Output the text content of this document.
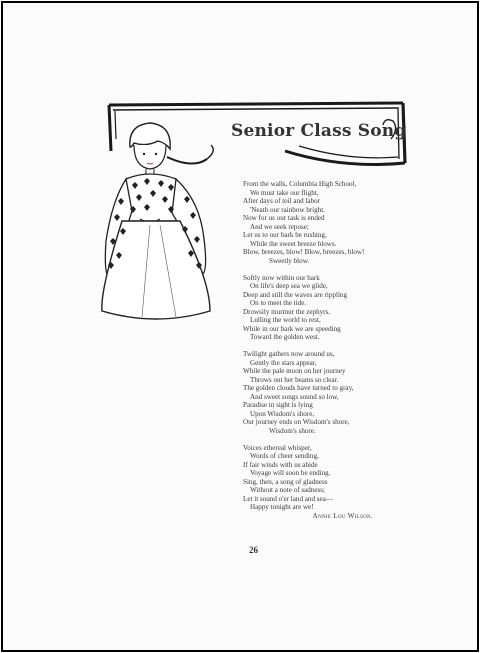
Senior Class Song
From the walls, Columbia High School,
We must take our flight,
After days of toil and labor
'Neath our rainbow bright.
Now for us our task is ended
And we seek repose;
Let us to our bark be rushing,
While the sweet breeze blows.
Blow, breezes, blow! Blow, breezes, blow!
Sweetly blow.
Softly now within our bark
On life's deep sea we glide,
Deep and still the waves are rippling
On to meet the tide.
Drowsily murmur the zephyrs,
Lulling the world to rest,
While in our bark we are speeding
Toward the golden west.
Twilight gathers now around us,
Gently the stars appear,
While the pale moon on her journey
Throws out her beams so clear.
The golden clouds have turned to gray,
And sweet songs sound so low,
Paradise in sight is lying
Upon Wisdom's shore,
Our journey ends on Wisdom's shore,
Wisdom's shore.
Voices ethereal whisper,
Words of cheer sending,
If fair winds with us abide
Voyage will soon be ending.
Sing, then, a song of gladness
Without a note of sadness;
Let it sound o'er land and sea—
Happy tonight are we!
Annie Lou Wilson.
26
